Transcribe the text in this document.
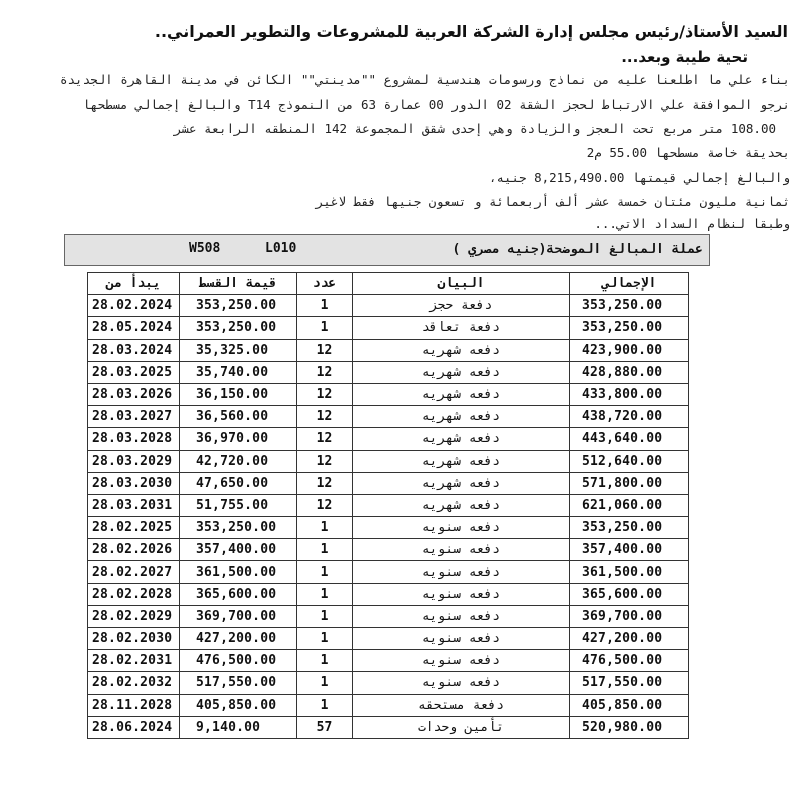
السيد الأستاذ/رئيس مجلس إدارة الشركة العربية للمشروعات والتطوير العمراني..
تحية طيبة وبعد...
بناء علي ما اطلعنا عليه من نماذج ورسومات هندسية لمشروع ""مدينتي"" الكائن في مدينة القاهرة الجديدة
نرجو الموافقة علي الارتباط لحجز الشقة 02 الدور 00 عمارة 63 من النموذج T14 والبالغ إجمالي مسطحها
108.00 متر مربع تحت العجز والزيادة وهي إحدى شقق المجموعة 142 المنطقه الرابعة عشر
بحديقة خاصة مسطحها 55.00 م2
والبالغ إجمالي قيمتها 8,215,490.00 جنيه،
ثمانية مليون مئتان خمسة عشر ألف أربعمائة و تسعون جنيها فقط لاغير
وطبقا لنظام السداد الاتي...
W508	L010	عملة المبالغ الموضحة(جنيه مصري )
يبدأ من	قيمة القسط	عدد	البيان	الإجمالي
28.02.2024	353,250.00	1	دفعة حجز	353,250.00
28.05.2024	353,250.00	1	دفعة تعاقد	353,250.00
28.03.2024	35,325.00	12	دفعه شهريه	423,900.00
28.03.2025	35,740.00	12	دفعه شهريه	428,880.00
28.03.2026	36,150.00	12	دفعه شهريه	433,800.00
28.03.2027	36,560.00	12	دفعه شهريه	438,720.00
28.03.2028	36,970.00	12	دفعه شهريه	443,640.00
28.03.2029	42,720.00	12	دفعه شهريه	512,640.00
28.03.2030	47,650.00	12	دفعه شهريه	571,800.00
28.03.2031	51,755.00	12	دفعه شهريه	621,060.00
28.02.2025	353,250.00	1	دفعه سنويه	353,250.00
28.02.2026	357,400.00	1	دفعه سنويه	357,400.00
28.02.2027	361,500.00	1	دفعه سنويه	361,500.00
28.02.2028	365,600.00	1	دفعه سنويه	365,600.00
28.02.2029	369,700.00	1	دفعه سنويه	369,700.00
28.02.2030	427,200.00	1	دفعه سنويه	427,200.00
28.02.2031	476,500.00	1	دفعه سنويه	476,500.00
28.02.2032	517,550.00	1	دفعه سنويه	517,550.00
28.11.2028	405,850.00	1	دفعة مستحقه	405,850.00
28.06.2024	9,140.00	57	تأمين وحدات	520,980.00
